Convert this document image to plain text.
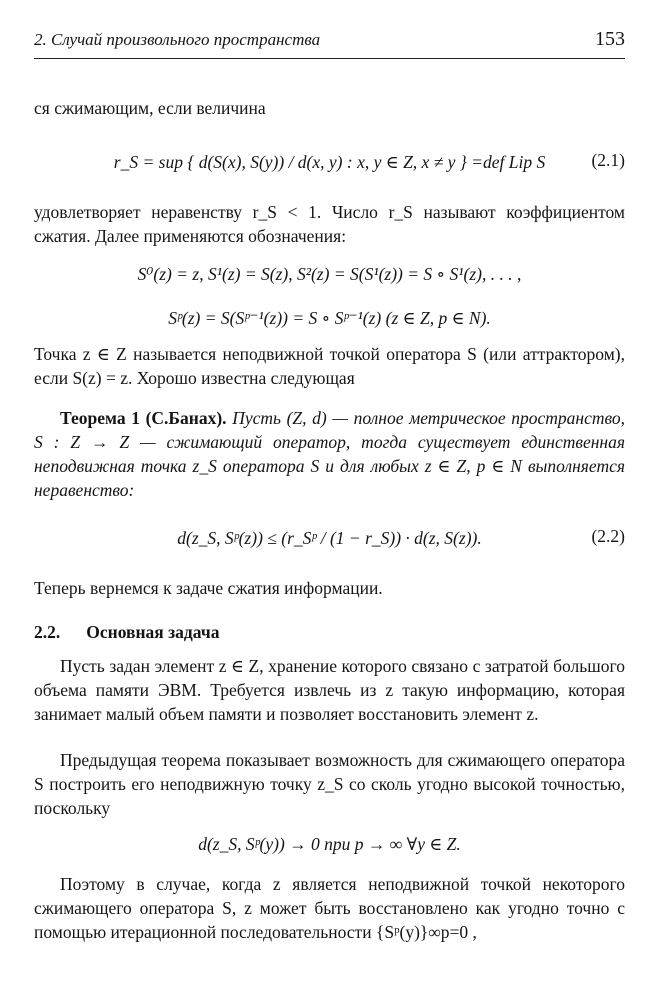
2. Случай произвольного пространства	153
ся сжимающим, если величина
r_S = sup { d(S(x), S(y)) / d(x, y) : x, y ∈ Z, x ≠ y } =def Lip S	(2.1)
удовлетворяет неравенству r_S < 1. Число r_S называют коэффициентом сжатия. Далее применяются обозначения:
S⁰(z) = z, S¹(z) = S(z), S²(z) = S(S¹(z)) = S ∘ S¹(z), . . . ,
Sᵖ(z) = S(Sᵖ⁻¹(z)) = S ∘ Sᵖ⁻¹(z) (z ∈ Z, p ∈ N).
Точка z ∈ Z называется неподвижной точкой оператора S (или аттрактором), если S(z) = z. Хорошо известна следующая
Теорема 1 (С.Банах). Пусть (Z, d) — полное метрическое пространство, S : Z → Z — сжимающий оператор, тогда существует единственная неподвижная точка z_S оператора S и для любых z ∈ Z, p ∈ N выполняется неравенство:
d(z_S, Sᵖ(z)) ≤ (r_Sᵖ / (1 − r_S)) · d(z, S(z)).	(2.2)
Теперь вернемся к задаче сжатия информации.
2.2. Основная задача
Пусть задан элемент z ∈ Z, хранение которого связано с затратой большого объема памяти ЭВМ. Требуется извлечь из z такую информацию, которая занимает малый объем памяти и позволяет восстановить элемент z.
Предыдущая теорема показывает возможность для сжимающего оператора S построить его неподвижную точку z_S со сколь угодно высокой точностью, поскольку
d(z_S, Sᵖ(y)) → 0 при p → ∞ ∀y ∈ Z.
Поэтому в случае, когда z является неподвижной точкой некоторого сжимающего оператора S, z может быть восстановлено как угодно точно с помощью итерационной последовательности {Sᵖ(y)}∞p=0 ,
